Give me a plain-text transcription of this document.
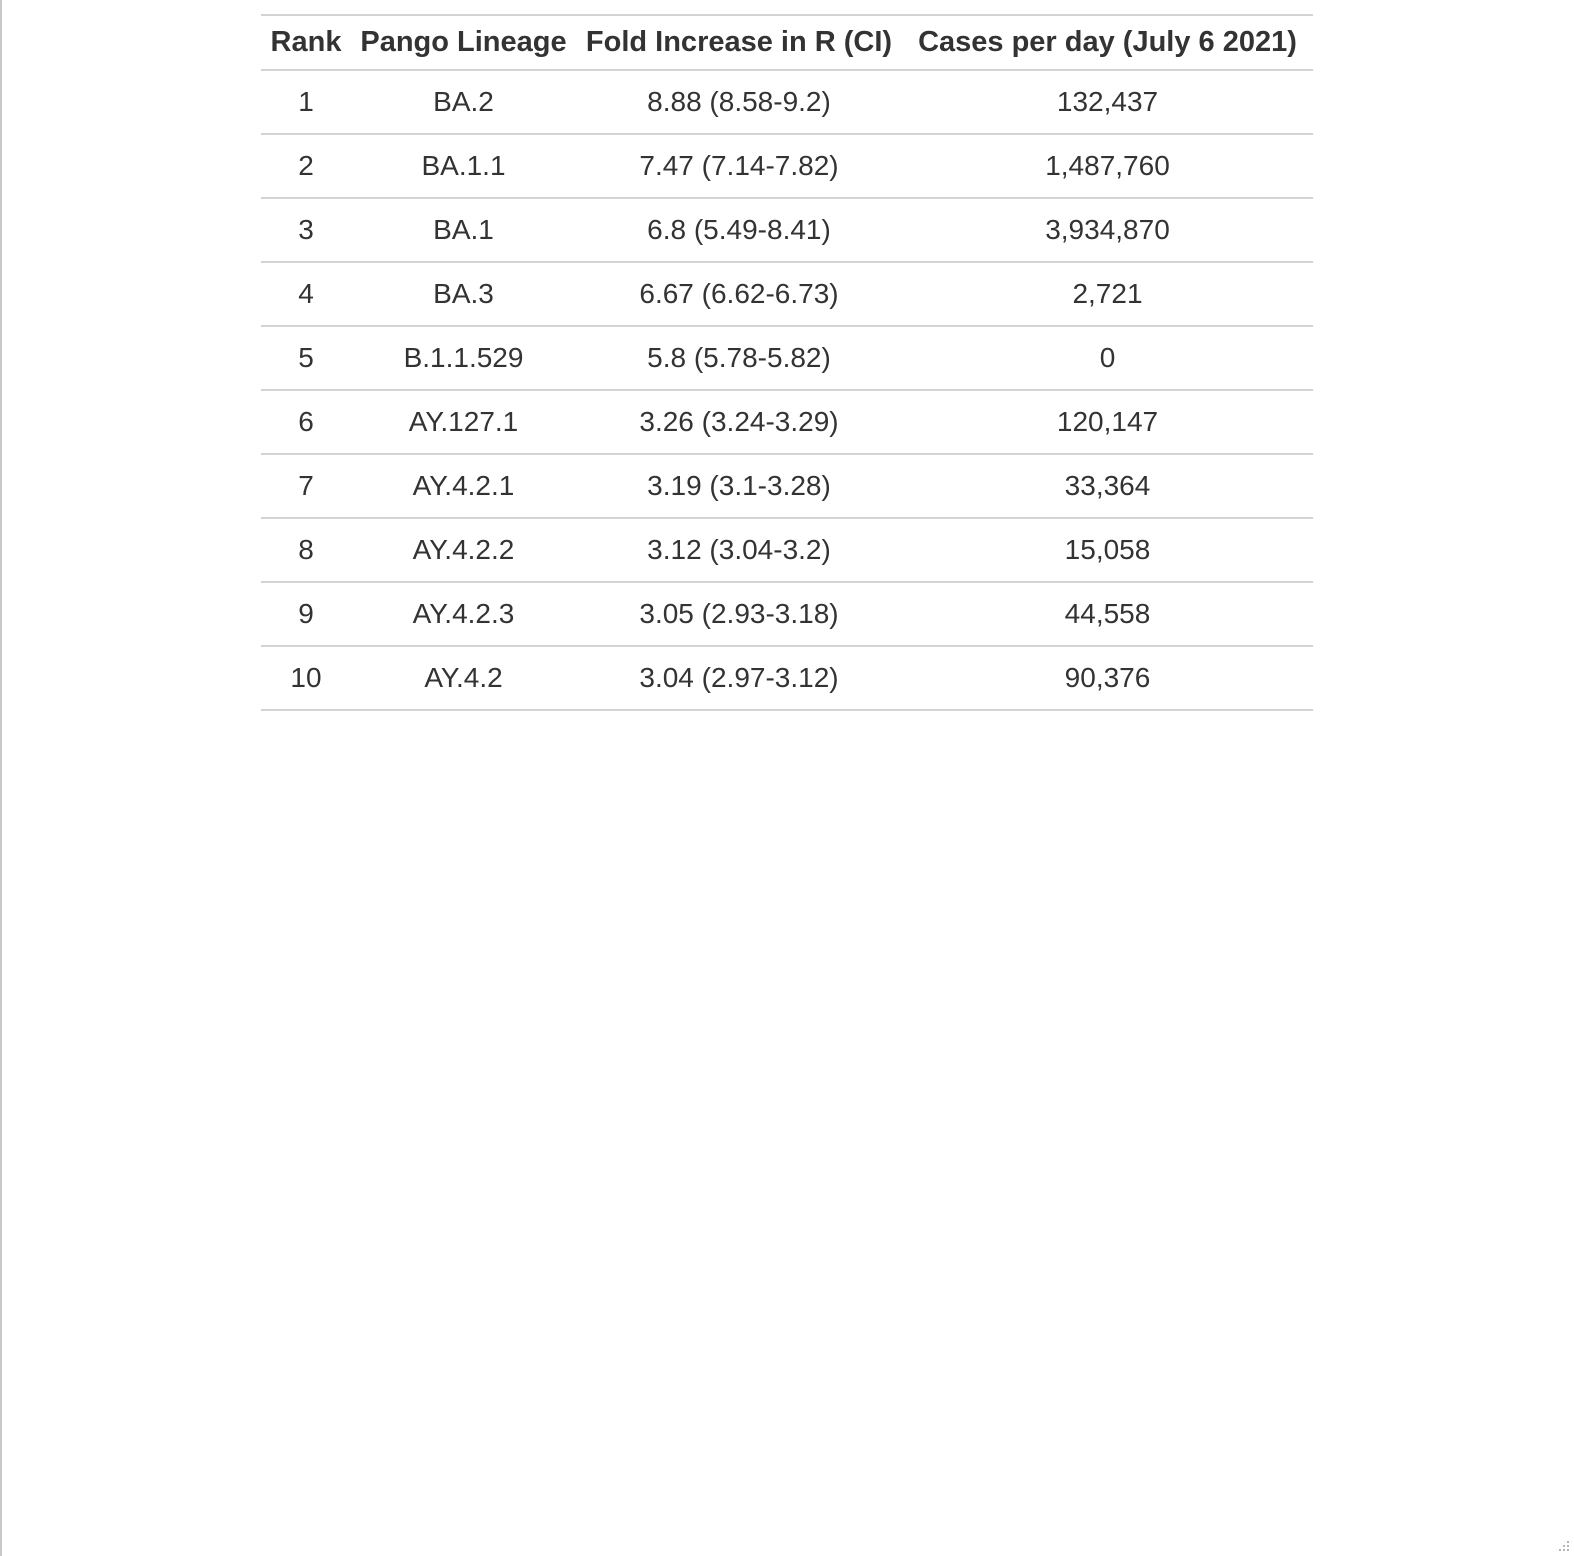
Rank	Pango Lineage	Fold Increase in R (CI)	Cases per day (July 6 2021)
1	BA.2	8.88 (8.58-9.2)	132,437
2	BA.1.1	7.47 (7.14-7.82)	1,487,760
3	BA.1	6.8 (5.49-8.41)	3,934,870
4	BA.3	6.67 (6.62-6.73)	2,721
5	B.1.1.529	5.8 (5.78-5.82)	0
6	AY.127.1	3.26 (3.24-3.29)	120,147
7	AY.4.2.1	3.19 (3.1-3.28)	33,364
8	AY.4.2.2	3.12 (3.04-3.2)	15,058
9	AY.4.2.3	3.05 (2.93-3.18)	44,558
10	AY.4.2	3.04 (2.97-3.12)	90,376
